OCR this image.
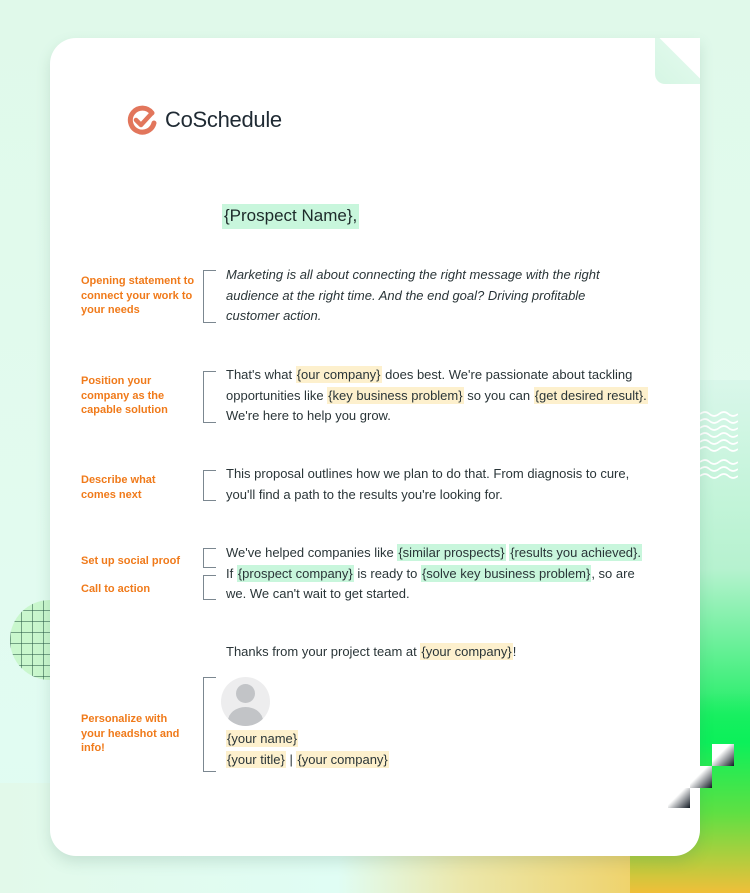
CoSchedule
{Prospect Name},
Opening statement to connect your work to your needs
Marketing is all about connecting the right message with the right
audience at the right time. And the end goal? Driving profitable
customer action.
Position your company as the capable solution
That's what {our company} does best. We're passionate about tackling
opportunities like {key business problem} so you can {get desired result}.
We're here to help you grow.
Describe what comes next
This proposal outlines how we plan to do that. From diagnosis to cure,
you'll find a path to the results you're looking for.
Set up social proof
Call to action
We've helped companies like {similar prospects} {results you achieved}.
If {prospect company} is ready to {solve key business problem}, so are
we. We can't wait to get started.
Thanks from your project team at {your company}!
Personalize with your headshot and info!
{your name}
{your title} | {your company}
